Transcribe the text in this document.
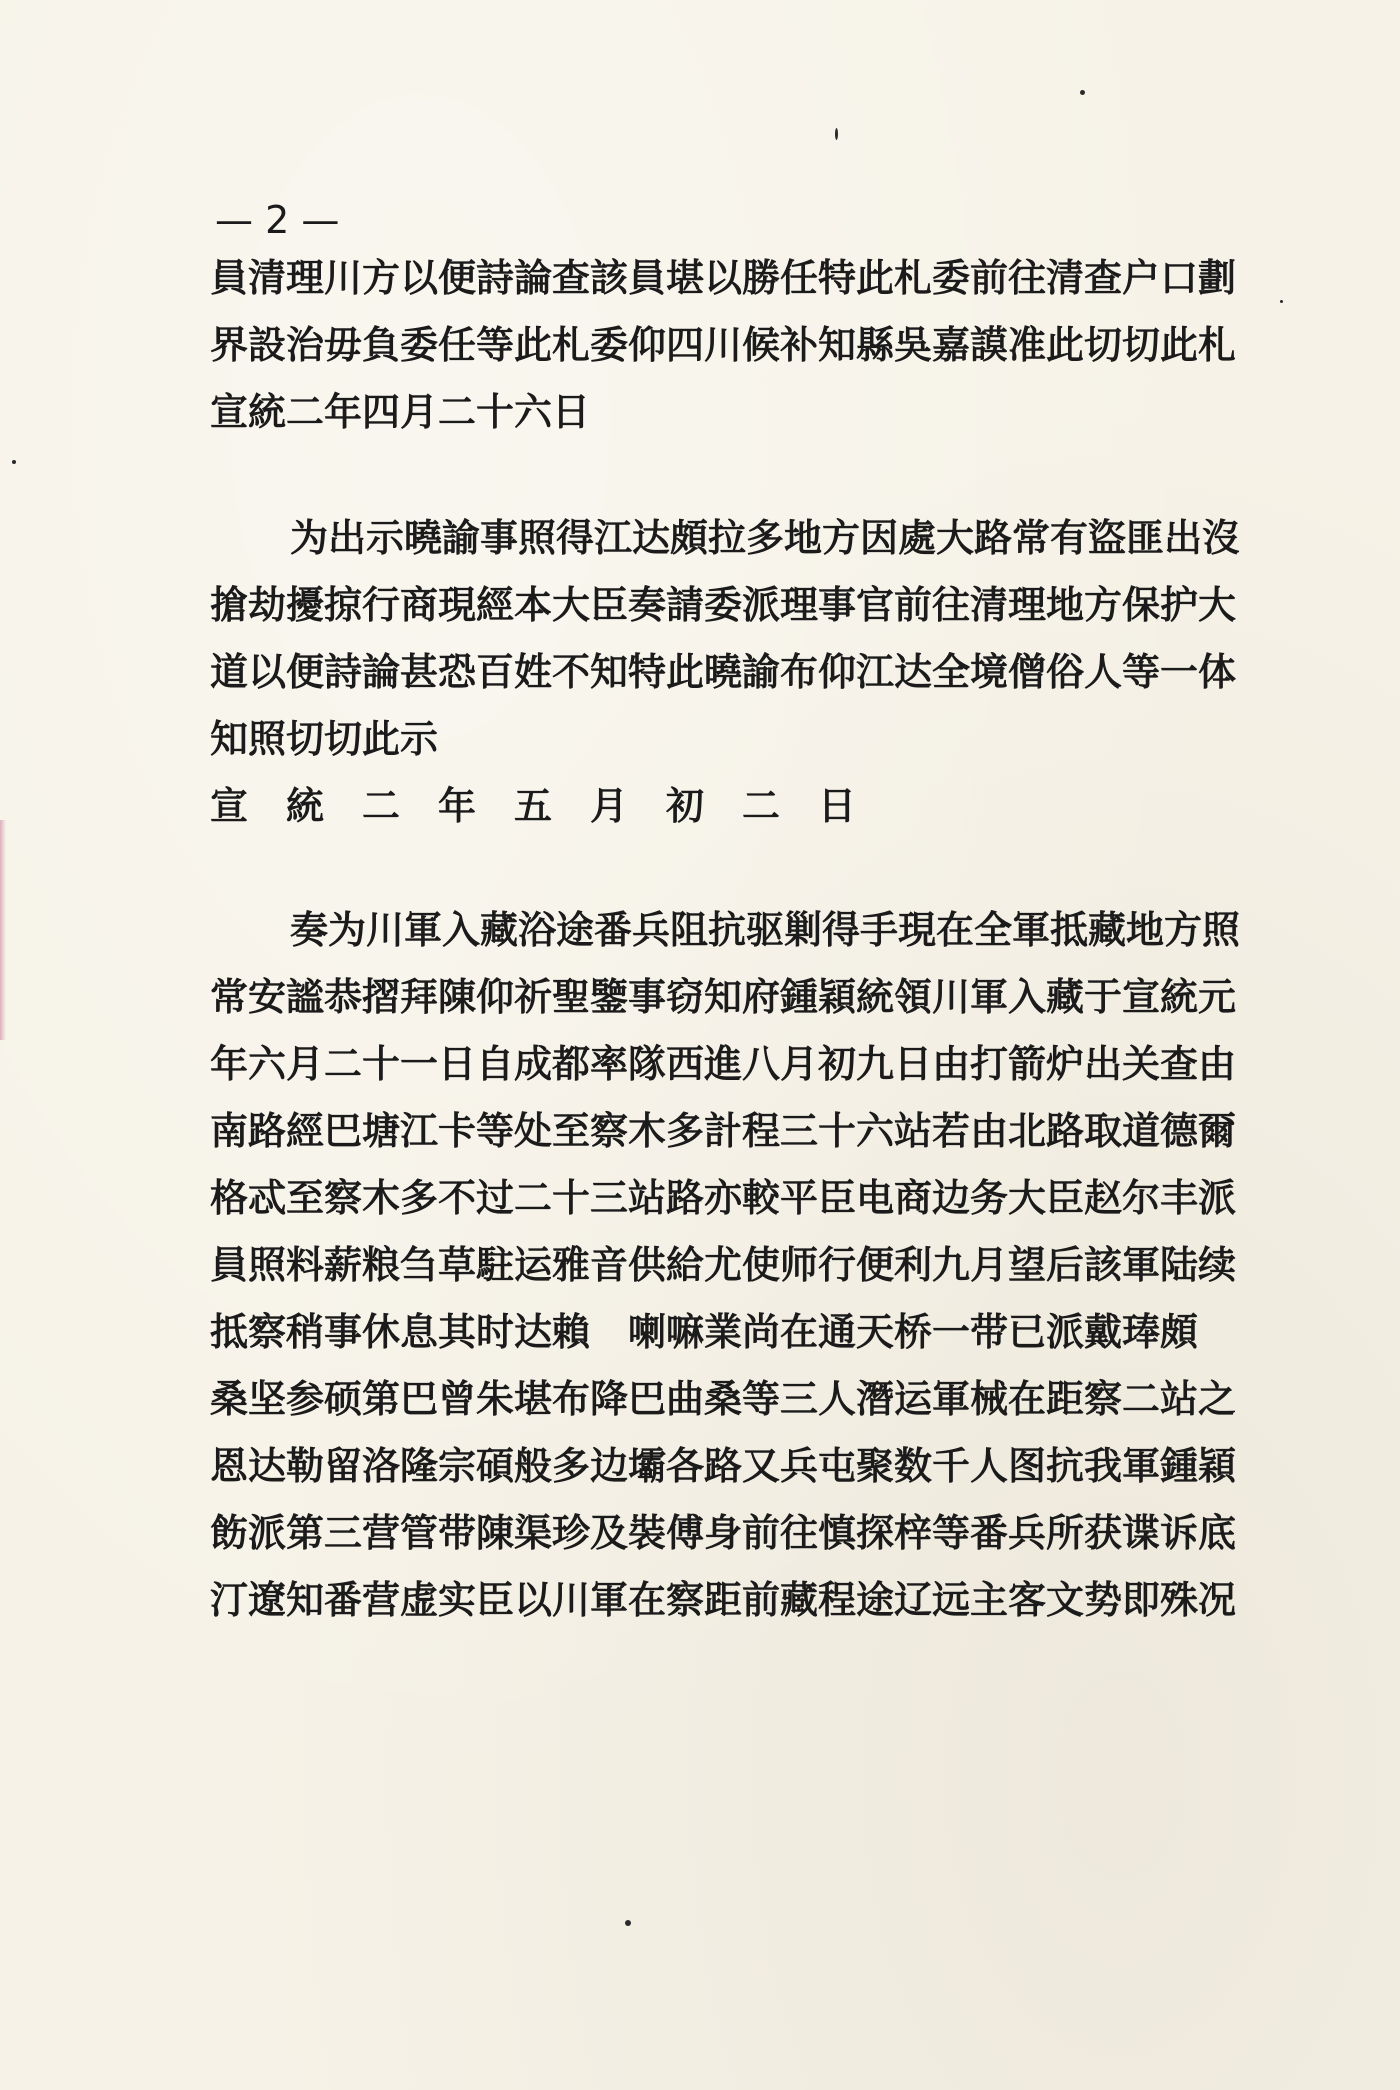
— 2 —

員清理川方以便詩論查該員堪以勝任特此札委前往清查户口劃

界設治毋負委任等此札委仰四川候补知縣吳嘉謨准此切切此札

宣統二年四月二十六日

为出示曉諭事照得江达頗拉多地方因處大路常有盜匪出沒

搶劫擾掠行商現經本大臣奏請委派理事官前往清理地方保护大

道以便詩論甚恐百姓不知特此曉諭布仰江达全境僧俗人等一体

知照切切此示

宣統二年五月初二日

奏为川軍入藏浴途番兵阻抗驱剿得手現在全軍抵藏地方照

常安謐恭摺拜陳仰祈聖鑒事窃知府鍾穎統領川軍入藏于宣統元

年六月二十一日自成都率隊西進八月初九日由打箭炉出关查由

南路經巴塘江卡等处至察木多計程三十六站若由北路取道德爾

格忒至察木多不过二十三站路亦較平臣电商边务大臣赵尔丰派

員照料薪粮刍草駐运雅音供給尤使师行便利九月望后該軍陆续

抵察稍事休息其时达賴　喇嘛業尚在通天桥一带已派戴琫頗

桑坚参硕第巴曾朱堪布降巴曲桑等三人潛运軍械在距察二站之

恩达勒留洛隆宗碩般多边壩各路又兵屯聚数千人图抗我軍鍾穎

飭派第三营管带陳渠珍及裝傅身前往慎探梓等番兵所获谍诉底

汀遼知番营虚实臣以川軍在察距前藏程途辽远主客文势即殊况
